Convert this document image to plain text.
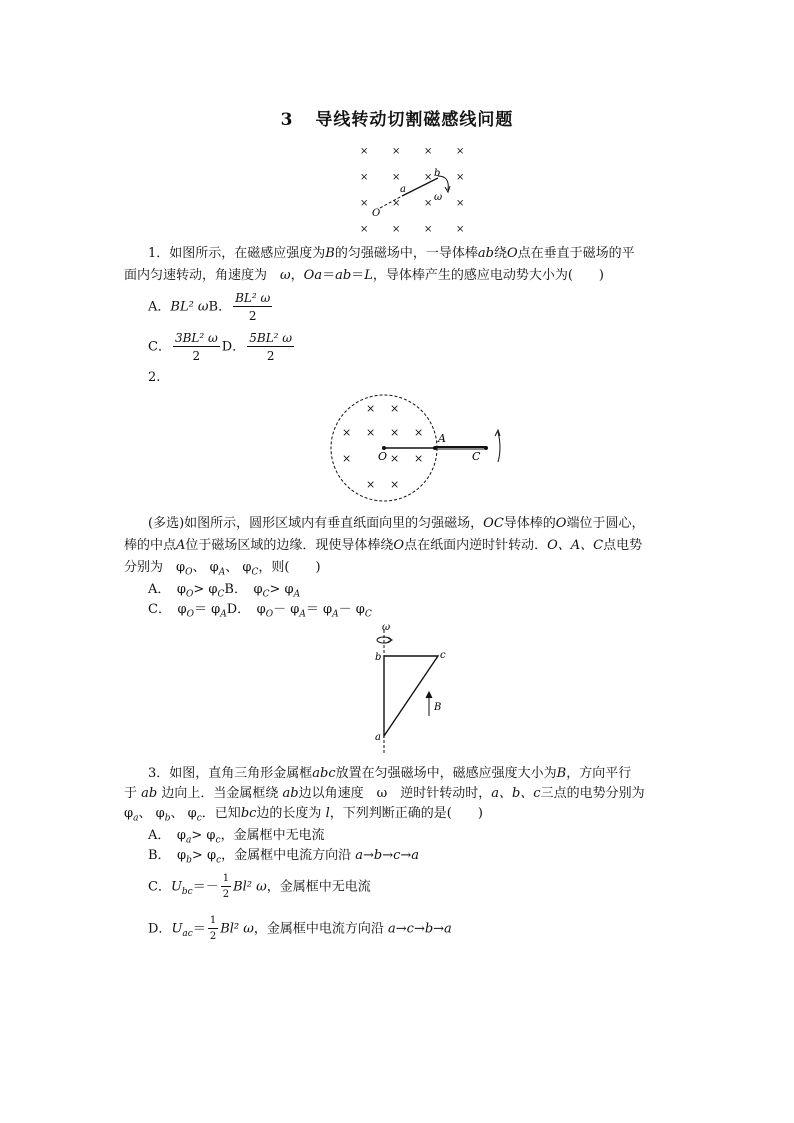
3 导线转动切割磁感线问题
× × × ×
× × × ×
× × × ×
× × × ×
O
a
b
ω
1．如图所示，在磁感应强度为B的匀强磁场中，一导体棒ab绕O点在垂直于磁场的平
面内匀速转动，角速度为　 ω，Oa＝ab＝L，导体棒产生的感应电动势大小为(　　)
A．BL² ωB． $\frac{\text{BL² ω}}{2}$
C． $\frac{\text{3BL² ω}}{2}$ D． $\frac{\text{5BL² ω}}{2}$
2.
× ×
× × × ×
×	× ×
× ×
O
A
C
(多选)如图所示，圆形区域内有垂直纸面向里的匀强磁场，OC导体棒的O端位于圆心，
棒的中点A位于磁场区域的边缘．现使导体棒绕O点在纸面内逆时针转动．O、A、C点电势
分别为　$\varphi_O$、 $\varphi_A$、 $\varphi_C$，则(　　)
A．　$\varphi_O> \varphi_CB$．　$\varphi_C> \varphi_A$
C．　$\varphi_O= \varphi_AD$．　$\varphi_O- \varphi_A= \varphi_A- \varphi_C$
ω
b	c
a
B
3．如图，直角三角形金属框abc放置在匀强磁场中，磁感应强度大小为B，方向平行
于 ab 边向上．当金属框绕 ab边以角速度　ω　逆时针转动时，a、b、c三点的电势分别为
$\varphi_a$、 $\varphi_b$、 $\varphi_c$．已知bc边的长度为 l，下列判断正确的是(　　)
A．　$\varphi_a> \varphi_c$，金属框中无电流
B．　$\varphi_b> \varphi_c$，金属框中电流方向沿 a→b→c→a
C．$U_{bc}=- \frac{1}{2} Bl^2$ ω，金属框中无电流
D．$U_{ac}= \frac{1}{2} Bl^2$ ω，金属框中电流方向沿 a→c→b→a
